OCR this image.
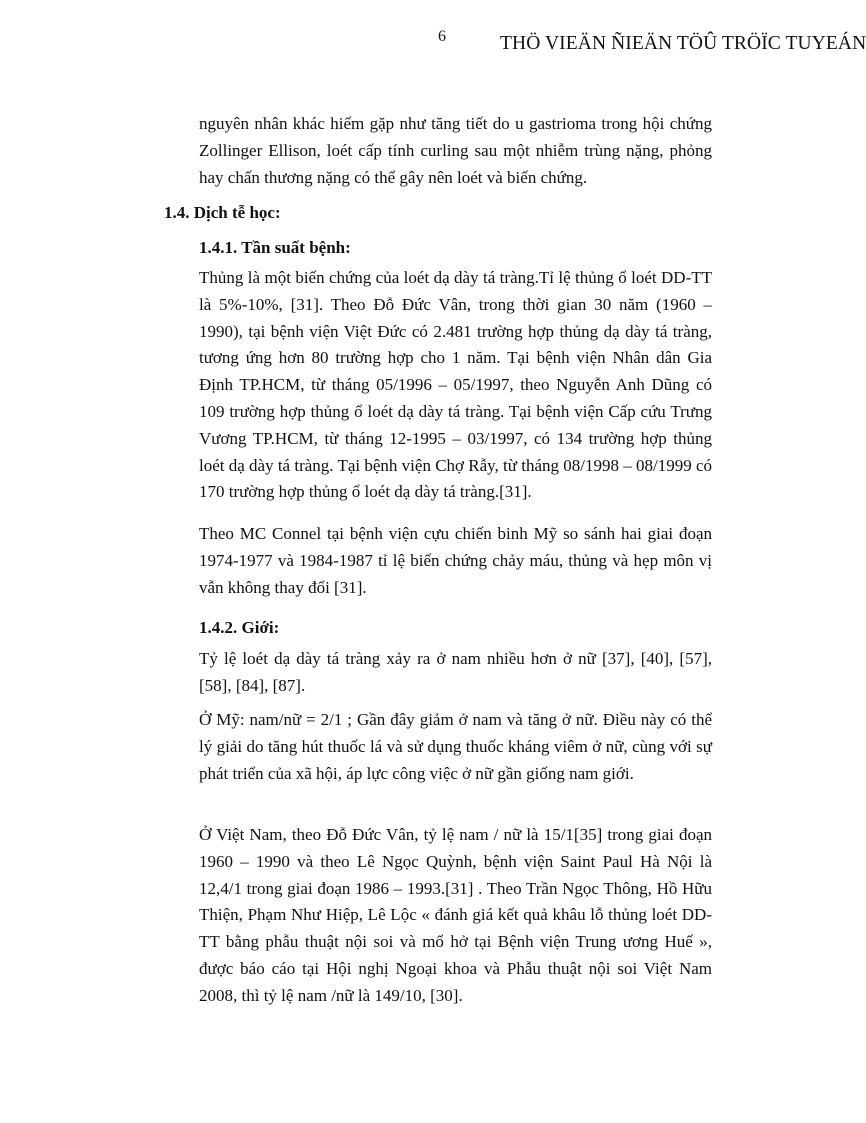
6	THÖ VIEÄN ÑIEÄN TÖÛ TRÖÏC TUYEÁN

nguyên nhân khác hiếm gặp như tăng tiết do u gastrioma trong hội chứng Zollinger Ellison, loét cấp tính curling sau một nhiễm trùng nặng, phỏng hay chấn thương nặng có thể gây nên loét và biến chứng.

1.4. Dịch tễ học:
1.4.1. Tần suất bệnh:

Thủng là một biến chứng của loét dạ dày tá tràng.Tỉ lệ thủng ổ loét DD-TT là 5%-10%, [31]. Theo Đỗ Đức Vân, trong thời gian 30 năm (1960 – 1990), tại bệnh viện Việt Đức có 2.481 trường hợp thủng dạ dày tá tràng, tương ứng hơn 80 trường hợp cho 1 năm. Tại bệnh viện Nhân dân Gia Định TP.HCM, từ tháng 05/1996 – 05/1997, theo Nguyễn Anh Dũng có 109 trường hợp thủng ổ loét dạ dày tá tràng. Tại bệnh viện Cấp cứu Trưng Vương TP.HCM, từ tháng 12-1995 – 03/1997, có 134 trường hợp thủng loét dạ dày tá tràng. Tại bệnh viện Chợ Rẫy, từ tháng 08/1998 – 08/1999 có 170 trường hợp thủng ổ loét dạ dày tá tràng.[31].

Theo MC Connel tại bệnh viện cựu chiến binh Mỹ so sánh hai giai đoạn 1974-1977 và 1984-1987 tỉ lệ biến chứng chảy máu, thủng và hẹp môn vị vẫn không thay đổi [31].

1.4.2. Giới:

Tỷ lệ loét dạ dày tá tràng xảy ra ở nam nhiều hơn ở nữ [37], [40], [57], [58], [84], [87].

Ở Mỹ: nam/nữ = 2/1 ; Gần đây giảm ở nam và tăng ở nữ. Điều này có thể lý giải do tăng hút thuốc lá và sử dụng thuốc kháng viêm ở nữ, cùng với sự phát triển của xã hội, áp lực công việc ở nữ gần giống nam giới.

Ở Việt Nam, theo Đỗ Đức Vân, tỷ lệ nam / nữ là 15/1[35] trong giai đoạn 1960 – 1990 và theo Lê Ngọc Quỳnh, bệnh viện Saint Paul Hà Nội là 12,4/1 trong giai đoạn 1986 – 1993.[31] . Theo Trần Ngọc Thông, Hồ Hữu Thiện, Phạm Như Hiệp, Lê Lộc « đánh giá kết quả khâu lỗ thủng loét DD-TT bằng phẫu thuật nội soi và mổ hở tại Bệnh viện Trung ương Huế », được báo cáo tại Hội nghị Ngoại khoa và Phẫu thuật nội soi Việt Nam 2008, thì tỷ lệ nam /nữ là 149/10, [30].
